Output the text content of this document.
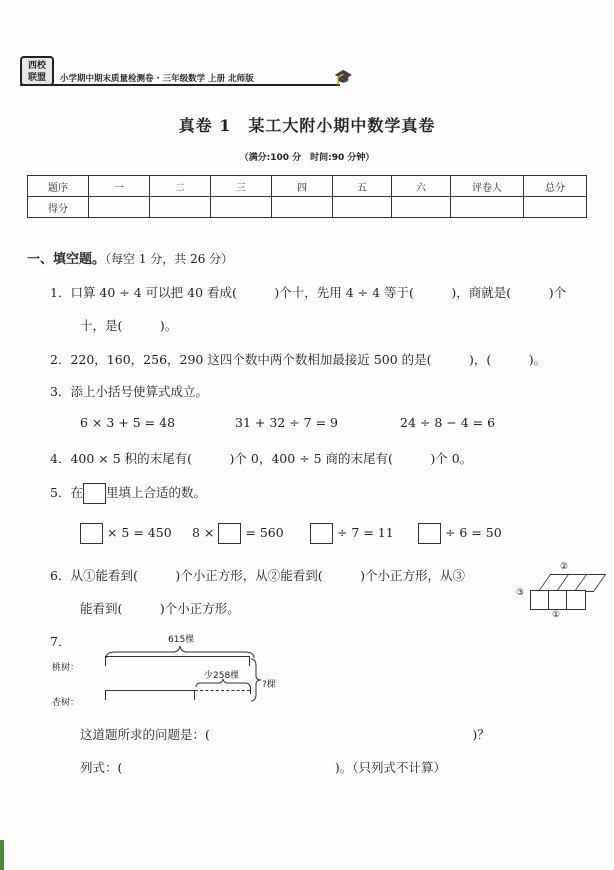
西校
联盟	小学期中期末质量检测卷 · 三年级数学 上册 北师版	🎓
真卷 1　某工大附小期中数学真卷
（满分:100 分　时间:90 分钟）
题序	一	二	三	四	五	六	评卷人	总分
得分								
一、填空题。（每空 1 分，共 26 分）
1．口算 40 ÷ 4 可以把 40 看成(　　　)个十，先用 4 ÷ 4 等于(　　　)，商就是(　　　)个
十，是(　　　)。
2．220，160，256，290 这四个数中两个数相加最接近 500 的是(　　　)，(　　　)。
3．添上小括号使算式成立。
6 × 3 + 5 = 48	31 + 32 ÷ 7 = 9	24 ÷ 8 − 4 = 6
4．400 × 5 积的末尾有(　　　)个 0，400 ÷ 5 商的末尾有(　　　)个 0。
5．在 里填上合适的数。
× 5 = 450 8 × = 560	÷ 7 = 11	÷ 6 = 50
6．从①能看到(　　　)个小正方形，从②能看到(　　　)个小正方形，从③
能看到(　　　)个小正方形。
②
③
①
7．	615棵
桃树：
杏树：
少258棵
?棵
这道题所求的问题是：(　　　　　　　　　　　　　　　　　　　　　)？
列式：(　　　　　　　　　　　　　　　　　)。（只列式不计算）
